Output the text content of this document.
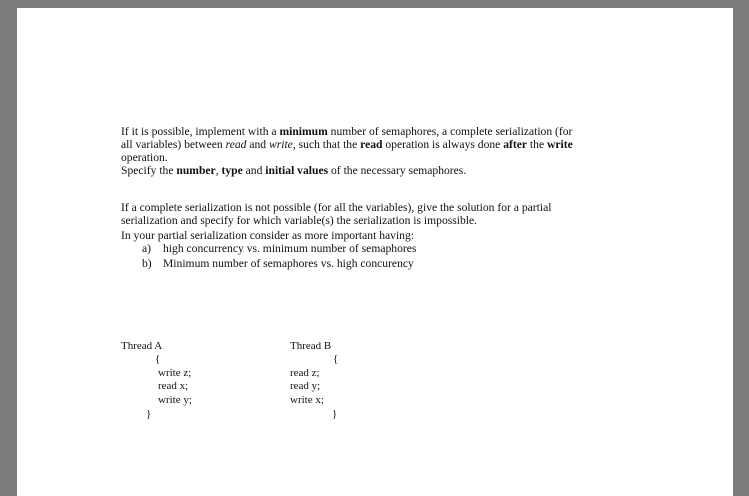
If it is possible, implement with a minimum number of semaphores, a complete serialization (for
all variables) between read and write, such that the read operation is always done after the write
operation.
Specify the number, type and initial values of the necessary semaphores.
If a complete serialization is not possible (for all the variables), give the solution for a partial
serialization and specify for which variable(s) the serialization is impossible.
In your partial serialization consider as more important having:
a) high concurrency vs. minimum number of semaphores
b) Minimum number of semaphores vs. high concurency
Thread A
{
write z;
read x;
write y;
}
Thread B
{
read z;
read y;
write x;
}
